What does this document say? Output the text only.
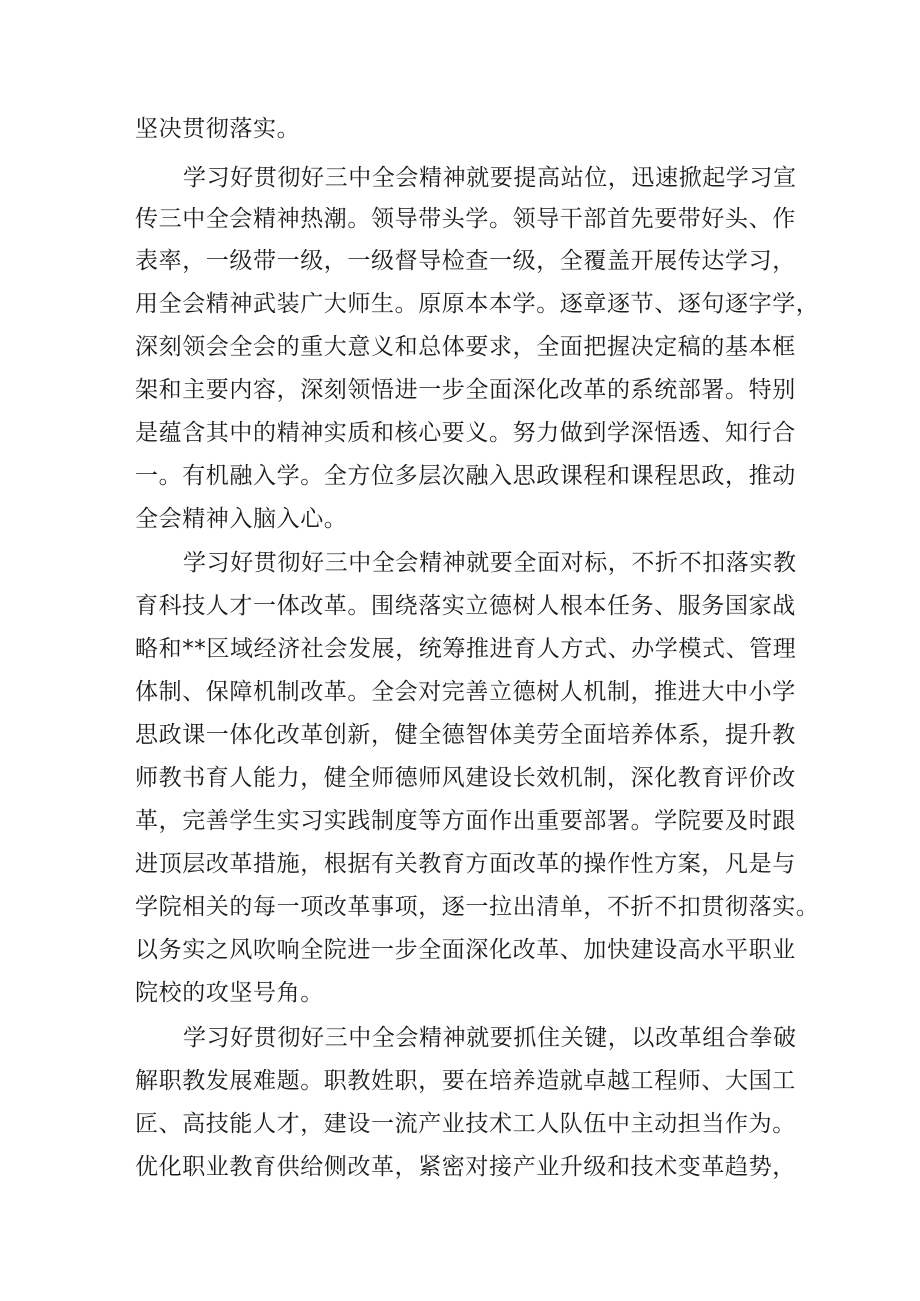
坚决贯彻落实。
学习好贯彻好三中全会精神就要提高站位，迅速掀起学习宣
传三中全会精神热潮。领导带头学。领导干部首先要带好头、作
表率，一级带一级，一级督导检查一级，全覆盖开展传达学习，
用全会精神武装广大师生。原原本本学。逐章逐节、逐句逐字学，
深刻领会全会的重大意义和总体要求，全面把握决定稿的基本框
架和主要内容，深刻领悟进一步全面深化改革的系统部署。特别
是蕴含其中的精神实质和核心要义。努力做到学深悟透、知行合
一。有机融入学。全方位多层次融入思政课程和课程思政，推动
全会精神入脑入心。
学习好贯彻好三中全会精神就要全面对标，不折不扣落实教
育科技人才一体改革。围绕落实立德树人根本任务、服务国家战
略和**区域经济社会发展，统筹推进育人方式、办学模式、管理
体制、保障机制改革。全会对完善立德树人机制，推进大中小学
思政课一体化改革创新，健全德智体美劳全面培养体系，提升教
师教书育人能力，健全师德师风建设长效机制，深化教育评价改
革，完善学生实习实践制度等方面作出重要部署。学院要及时跟
进顶层改革措施，根据有关教育方面改革的操作性方案，凡是与
学院相关的每一项改革事项，逐一拉出清单，不折不扣贯彻落实。
以务实之风吹响全院进一步全面深化改革、加快建设高水平职业
院校的攻坚号角。
学习好贯彻好三中全会精神就要抓住关键，以改革组合拳破
解职教发展难题。职教姓职，要在培养造就卓越工程师、大国工
匠、高技能人才，建设一流产业技术工人队伍中主动担当作为。
优化职业教育供给侧改革，紧密对接产业升级和技术变革趋势，
